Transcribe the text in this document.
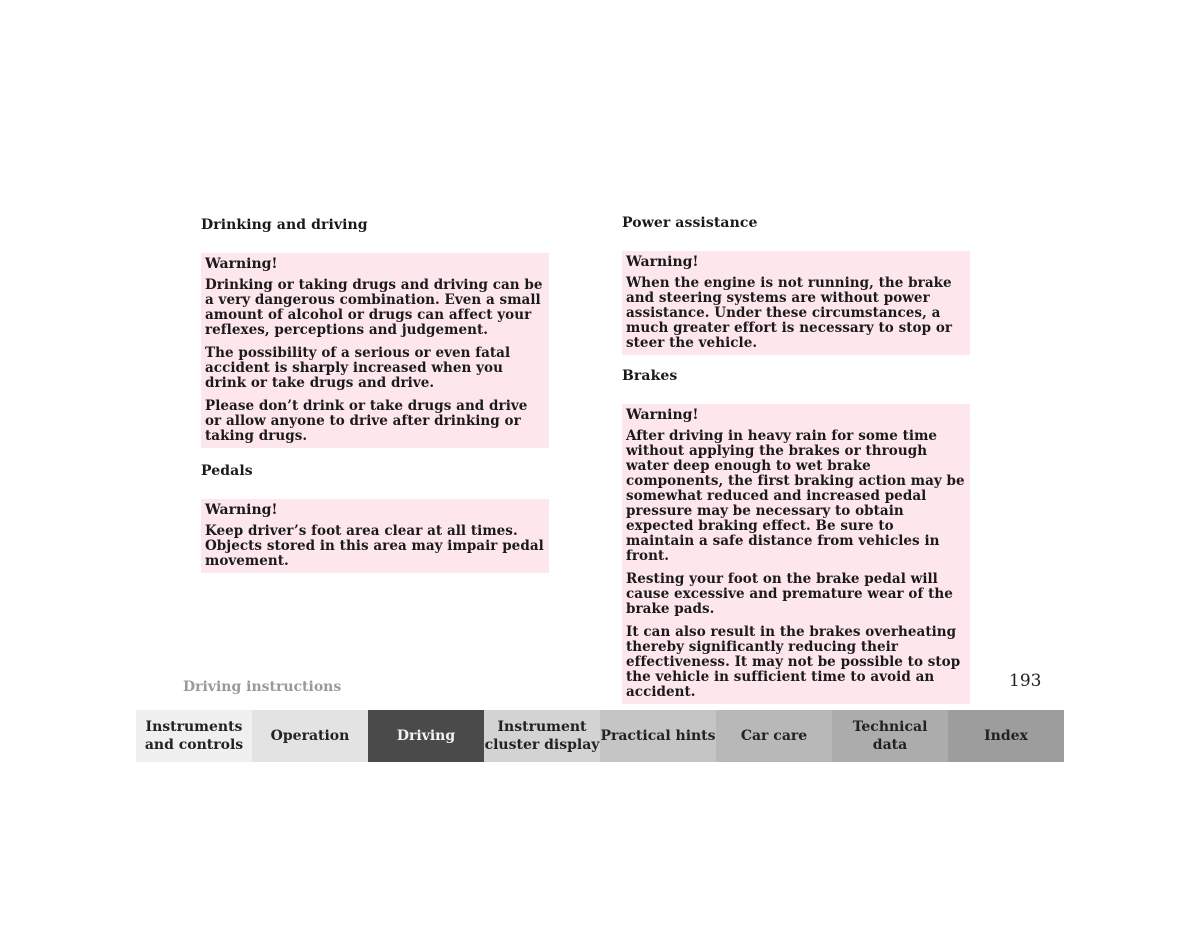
Drinking and driving
Warning!

Drinking or taking drugs and driving can be a very dangerous combination. Even a small amount of alcohol or drugs can affect your reflexes, perceptions and judgement.

The possibility of a serious or even fatal accident is sharply increased when you drink or take drugs and drive.

Please don’t drink or take drugs and drive or allow anyone to drive after drinking or taking drugs.

Pedals
Warning!

Keep driver’s foot area clear at all times. Objects stored in this area may impair pedal movement.

Power assistance
Warning!

When the engine is not running, the brake and steering systems are without power assistance. Under these circumstances, a much greater effort is necessary to stop or steer the vehicle.

Brakes
Warning!

After driving in heavy rain for some time without applying the brakes or through water deep enough to wet brake components, the first braking action may be somewhat reduced and increased pedal pressure may be necessary to obtain expected braking effect. Be sure to maintain a safe distance from vehicles in front.

Resting your foot on the brake pedal will cause excessive and premature wear of the brake pads.

It can also result in the brakes overheating thereby significantly reducing their effectiveness. It may not be possible to stop the vehicle in sufficient time to avoid an accident.

Driving instructions	193
Instruments
and controls
Operation	Driving
Instrument
cluster display
Practical hints Car care
Technical
data
Index
